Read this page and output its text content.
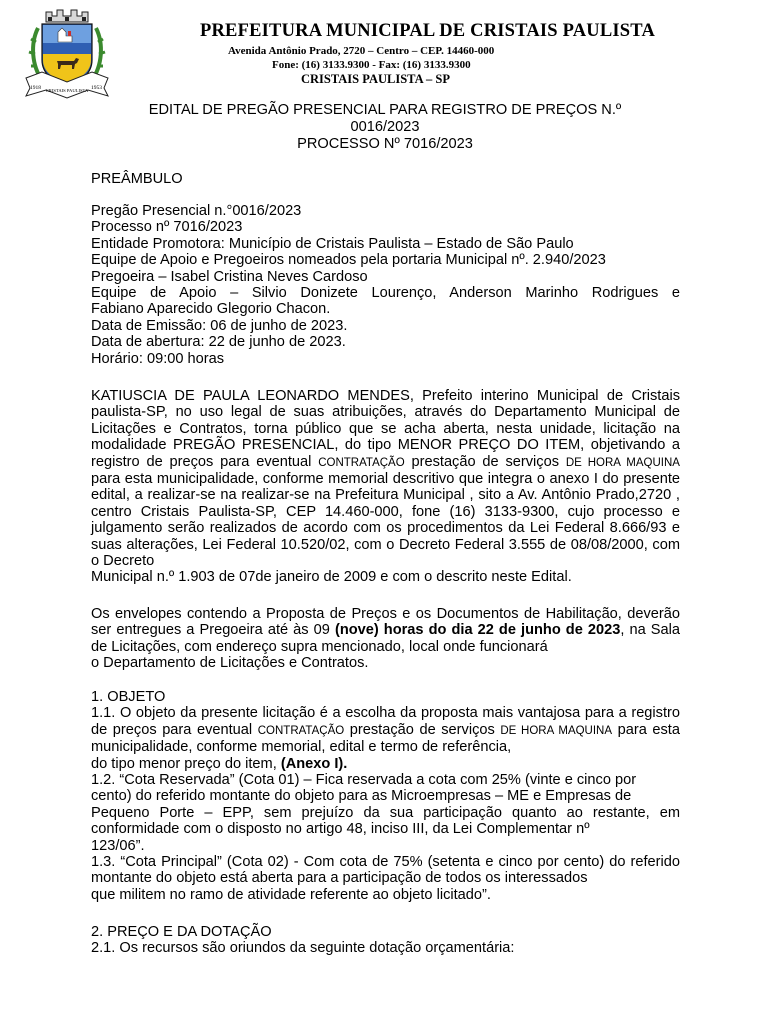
1918 CRISTAIS PAULISTA 1953
PREFEITURA MUNICIPAL DE CRISTAIS PAULISTA
Avenida Antônio Prado, 2720 – Centro – CEP. 14460-000
Fone: (16) 3133.9300 - Fax: (16) 3133.9300
CRISTAIS PAULISTA – SP
EDITAL DE PREGÃO PRESENCIAL PARA REGISTRO DE PREÇOS N.º
0016/2023
PROCESSO Nº 7016/2023
PREÂMBULO

Pregão Presencial n.°0016/2023

Processo nº 7016/2023

Entidade Promotora: Município de Cristais Paulista – Estado de São Paulo

Equipe de Apoio e Pregoeiros nomeados pela portaria Municipal nº. 2.940/2023

Pregoeira – Isabel Cristina Neves Cardoso

Equipe de Apoio – Silvio Donizete Lourenço, Anderson Marinho Rodrigues e

Fabiano Aparecido Glegorio Chacon.

Data de Emissão: 06 de junho de 2023.

Data de abertura: 22 de junho de 2023.

Horário: 09:00 horas

KATIUSCIA DE PAULA LEONARDO MENDES, Prefeito interino Municipal de Cristais paulista-SP, no uso legal de suas atribuições, através do Departamento Municipal de Licitações e Contratos, torna público que se acha aberta, nesta unidade, licitação na modalidade PREGÃO PRESENCIAL, do tipo MENOR PREÇO DO ITEM, objetivando a registro de preços para eventual CONTRATAÇÃO prestação de serviços DE HORA MAQUINA para esta municipalidade, conforme memorial descritivo que integra o anexo I do presente edital, a realizar-se na realizar-se na Prefeitura Municipal , sito a Av. Antônio Prado,2720 , centro Cristais Paulista-SP, CEP 14.460-000, fone (16) 3133-9300, cujo processo e julgamento serão realizados de acordo com os procedimentos da Lei Federal 8.666/93 e suas alterações, Lei Federal 10.520/02, com o Decreto Federal 3.555 de 08/08/2000, com o Decreto

Municipal n.º 1.903 de 07de janeiro de 2009 e com o descrito neste Edital.

Os envelopes contendo a Proposta de Preços e os Documentos de Habilitação, deverão ser entregues a Pregoeira até às 09 (nove) horas do dia 22 de junho de 2023, na Sala de Licitações, com endereço supra mencionado, local onde funcionará

o Departamento de Licitações e Contratos.

1. OBJETO

1.1. O objeto da presente licitação é a escolha da proposta mais vantajosa para a registro de preços para eventual CONTRATAÇÃO prestação de serviços DE HORA MAQUINA para esta municipalidade, conforme memorial, edital e termo de referência,

do tipo menor preço do item, (Anexo I).

1.2. “Cota Reservada” (Cota 01) – Fica reservada a cota com 25% (vinte e cinco por

cento) do referido montante do objeto para as Microempresas – ME e Empresas de

Pequeno Porte – EPP, sem prejuízo da sua participação quanto ao restante, em conformidade com o disposto no artigo 48, inciso III, da Lei Complementar nº

123/06”.

1.3. “Cota Principal” (Cota 02) - Com cota de 75% (setenta e cinco por cento) do referido montante do objeto está aberta para a participação de todos os interessados

que militem no ramo de atividade referente ao objeto licitado”.

2. PREÇO E DA DOTAÇÃO

2.1. Os recursos são oriundos da seguinte dotação orçamentária:
